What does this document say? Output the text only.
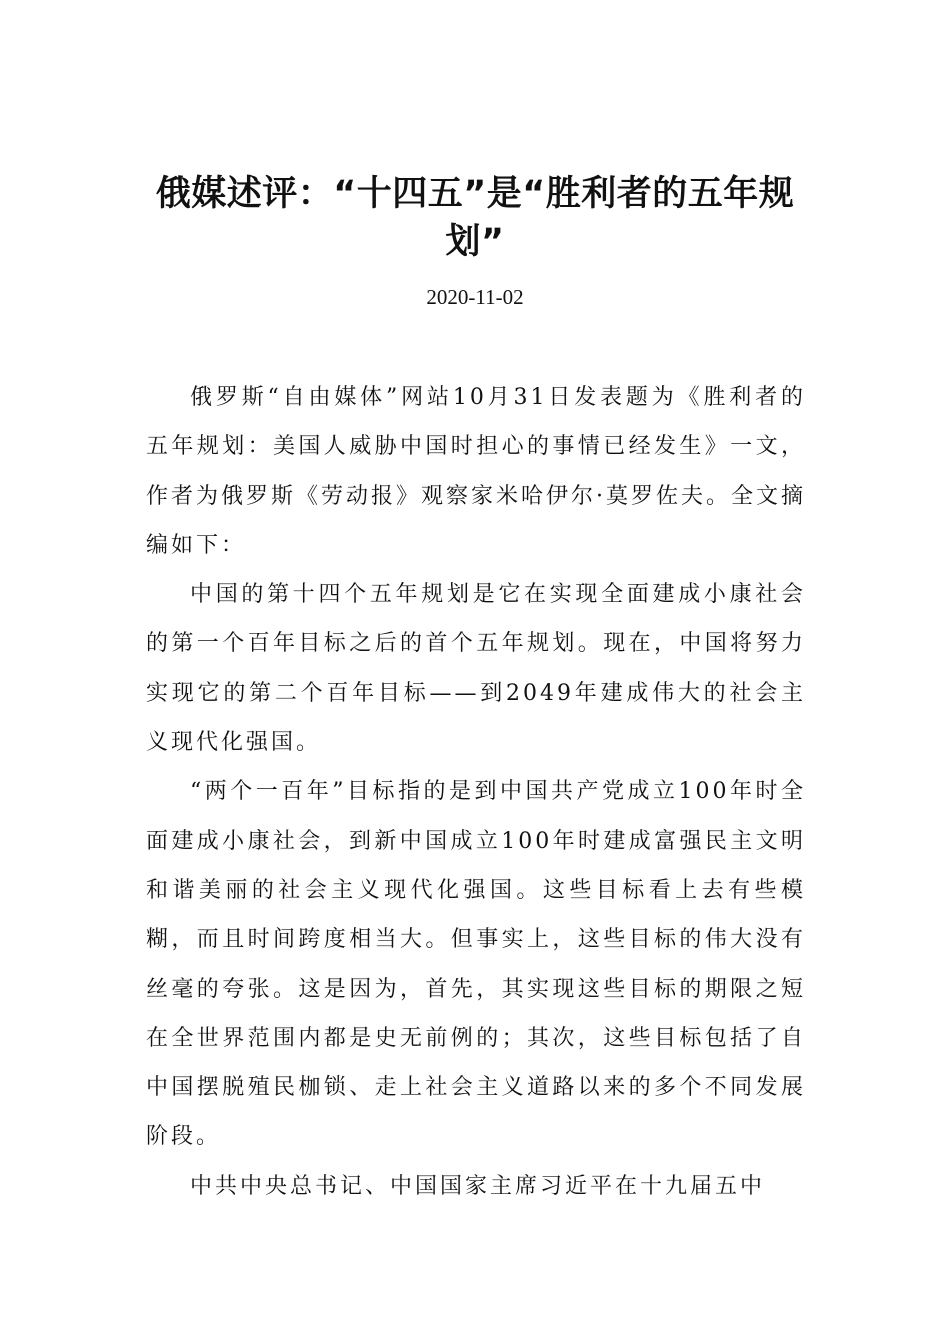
俄媒述评：“十四五”是“胜利者的五年规划”
2020-11-02

俄罗斯“自由媒体”网站10月31日发表题为《胜利者的五年规划：美国人威胁中国时担心的事情已经发生》一文，作者为俄罗斯《劳动报》观察家米哈伊尔·莫罗佐夫。全文摘编如下：

中国的第十四个五年规划是它在实现全面建成小康社会的第一个百年目标之后的首个五年规划。现在，中国将努力实现它的第二个百年目标——到2049年建成伟大的社会主义现代化强国。

“两个一百年”目标指的是到中国共产党成立100年时全面建成小康社会，到新中国成立100年时建成富强民主文明和谐美丽的社会主义现代化强国。这些目标看上去有些模糊，而且时间跨度相当大。但事实上，这些目标的伟大没有丝毫的夸张。这是因为，首先，其实现这些目标的期限之短在全世界范围内都是史无前例的；其次，这些目标包括了自中国摆脱殖民枷锁、走上社会主义道路以来的多个不同发展阶段。

中共中央总书记、中国国家主席习近平在十九届五中
